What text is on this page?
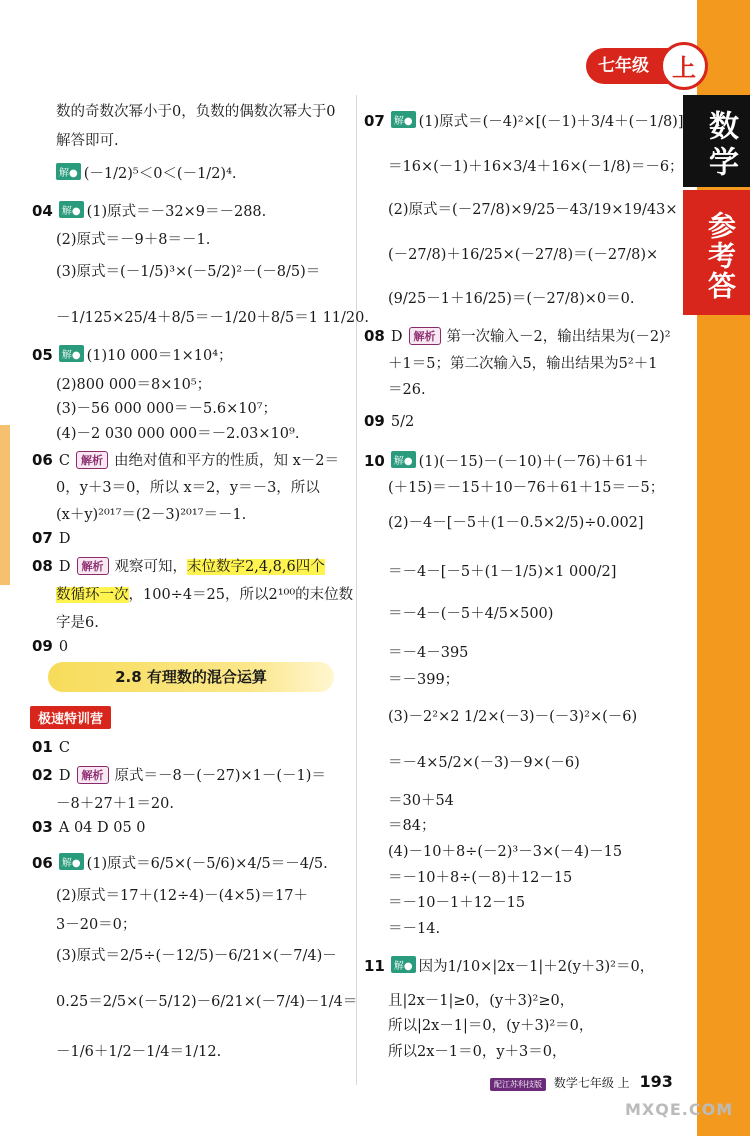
七年级 上
数学
参考答案
数的奇数次幂小于0，负数的偶数次幂大于0
解答即可.
解● (－1/2)⁵＜0＜(－1/2)⁴.
04 解● (1)原式＝－32×9＝－288.
(2)原式＝－9＋8＝－1.
(3)原式＝(－1/5)³×(－5/2)²－(－8/5)＝
－1/125×25/4＋8/5＝－1/20＋8/5＝1 11/20.
05 解● (1)10 000＝1×10⁴；
(2)800 000＝8×10⁵；
(3)－56 000 000＝－5.6×10⁷；
(4)－2 030 000 000＝－2.03×10⁹.
06 C 解析 由绝对值和平方的性质，知 x－2＝
0，y＋3＝0，所以 x＝2，y＝－3，所以
(x＋y)²⁰¹⁷＝(2－3)²⁰¹⁷＝－1.
07 D
08 D 解析 观察可知，末位数字2,4,8,6四个
数循环一次，100÷4＝25，所以2¹⁰⁰的末位数
字是6.
09 0
2.8 有理数的混合运算
极速特训营
01 C
02 D 解析 原式＝－8－(－27)×1－(－1)＝
－8＋27＋1＝20.
03 A 04 D 05 0
06 解● (1)原式＝6/5×(－5/6)×4/5＝－4/5.
(2)原式＝17＋(12÷4)－(4×5)＝17＋
3－20＝0；
(3)原式＝2/5÷(－12/5)－6/21×(－7/4)－
0.25＝2/5×(－5/12)－6/21×(－7/4)－1/4＝
－1/6＋1/2－1/4＝1/12.
07 解● (1)原式＝(－4)²×[(－1)＋3/4＋(－1/8)]
＝16×(－1)＋16×3/4＋16×(－1/8)＝－6；
(2)原式＝(－27/8)×9/25－43/19×19/43×
(－27/8)＋16/25×(－27/8)＝(－27/8)×
(9/25－1＋16/25)＝(－27/8)×0＝0.
08 D 解析 第一次输入－2，输出结果为(－2)²
＋1＝5；第二次输入5，输出结果为5²＋1
＝26.
09 5/2
10 解● (1)(－15)－(－10)＋(－76)＋61＋
(＋15)＝－15＋10－76＋61＋15＝－5；
(2)－4－[－5＋(1－0.5×2/5)÷0.002]
＝－4－[－5＋(1－1/5)×1 000/2]
＝－4－(－5＋4/5×500)
＝－4－395
＝－399；
(3)－2²×2 1/2×(－3)－(－3)²×(－6)
＝－4×5/2×(－3)－9×(－6)
＝30＋54
＝84；
(4)－10＋8÷(－2)³－3×(－4)－15
＝－10＋8÷(－8)＋12－15
＝－10－1＋12－15
＝－14.
11 解● 因为1/10×|2x－1|＋2(y＋3)²＝0，
且|2x－1|≥0，(y＋3)²≥0，
所以|2x－1|＝0，(y＋3)²＝0，
所以2x－1＝0，y＋3＝0，
配江苏科技版 数学七年级 上 193
MXQE.COM
